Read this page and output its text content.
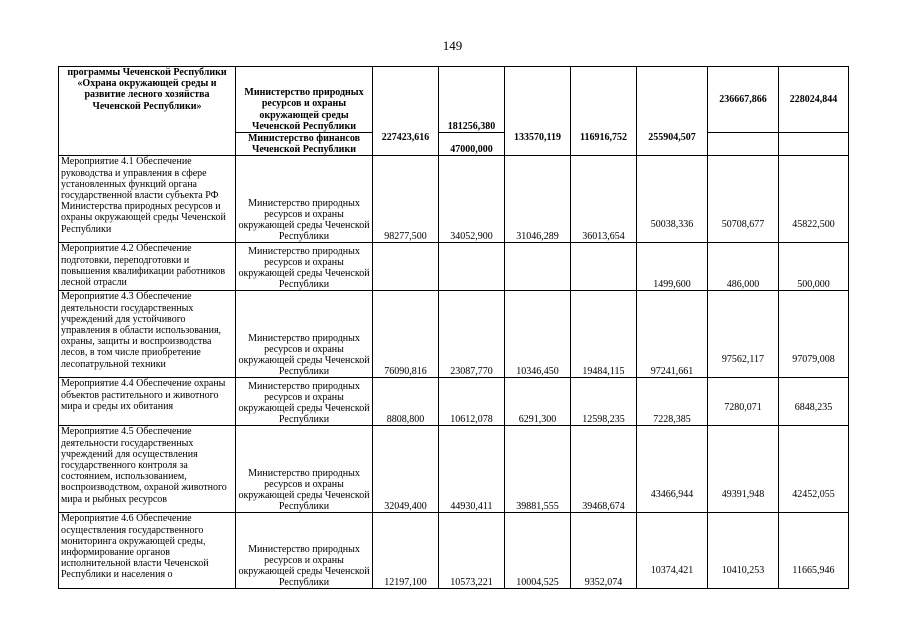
149
программы Чеченской Республики «Охрана окружающей среды и развитие лесного хозяйства Чеченской Республики»	Министерство природных ресурсов и охраны окружающей среды Чеченской Республики	227423,616	181256,380	133570,119	116916,752	255904,507	236667,866	228024,844
	Министерство финансов Чеченской Республики		47000,000					
Мероприятие 4.1 Обеспечение руководства и управления в сфере установленных функций органа государственной власти субъекта РФ Министерства природных ресурсов и охраны окружающей среды Чеченской Республики	Министерство природных ресурсов и охраны окружающей среды Чеченской Республики	98277,500	34052,900	31046,289	36013,654	50038,336	50708,677	45822,500
Мероприятие 4.2 Обеспечение подготовки, переподготовки и повышения квалификации работников лесной отрасли	Министерство природных ресурсов и охраны окружающей среды Чеченской Республики					1499,600	486,000	500,000
Мероприятие 4.3 Обеспечение деятельности государственных учреждений для устойчивого управления в области использования, охраны, защиты и воспроизводства лесов, в том числе приобретение лесопатрульной техники	Министерство природных ресурсов и охраны окружающей среды Чеченской Республики	76090,816	23087,770	10346,450	19484,115	97241,661	97562,117	97079,008
Мероприятие 4.4 Обеспечение охраны объектов растительного и животного мира и среды их обитания	Министерство природных ресурсов и охраны окружающей среды Чеченской Республики	8808,800	10612,078	6291,300	12598,235	7228,385	7280,071	6848,235
Мероприятие 4.5 Обеспечение деятельности государственных учреждений для осуществления государственного контроля за состоянием, использованием, воспроизводством, охраной животного мира и рыбных ресурсов	Министерство природных ресурсов и охраны окружающей среды Чеченской Республики	32049,400	44930,411	39881,555	39468,674	43466,944	49391,948	42452,055
Мероприятие 4.6 Обеспечение осуществления государственного мониторинга окружающей среды, информирование органов исполнительной власти Чеченской Республики и населения о	Министерство природных ресурсов и охраны окружающей среды Чеченской Республики	12197,100	10573,221	10004,525	9352,074	10374,421	10410,253	11665,946
